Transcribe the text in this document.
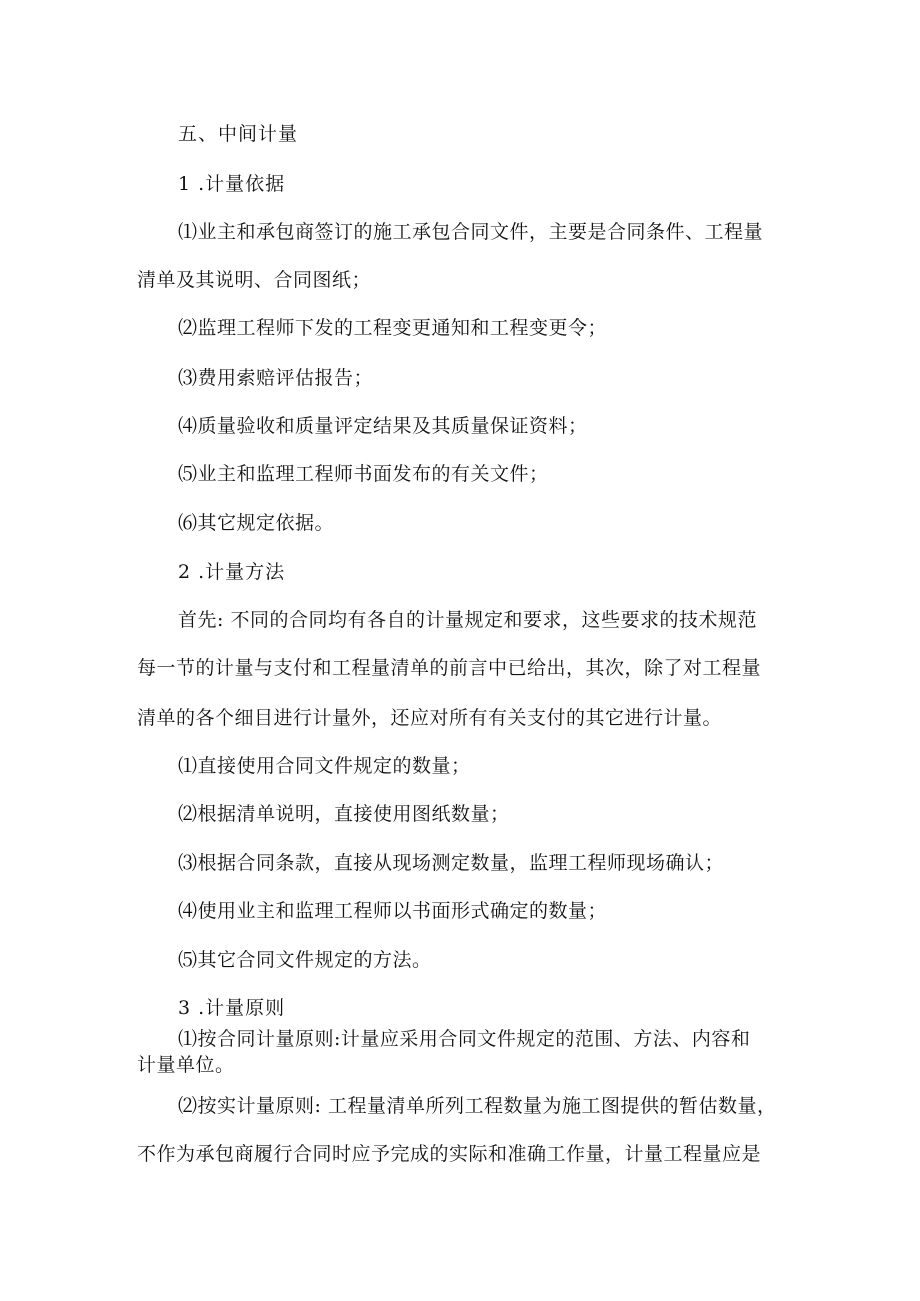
五、中间计量

1 .计量依据

⑴业主和承包商签订的施工承包合同文件，主要是合同条件、工程量

清单及其说明、合同图纸；

⑵监理工程师下发的工程变更通知和工程变更令；

⑶费用索赔评估报告；

⑷质量验收和质量评定结果及其质量保证资料；

⑸业主和监理工程师书面发布的有关文件；

⑹其它规定依据。

2 .计量方法

首先: 不同的合同均有各自的计量规定和要求，这些要求的技术规范

每一节的计量与支付和工程量清单的前言中已给出，其次，除了对工程量

清单的各个细目进行计量外，还应对所有有关支付的其它进行计量。

⑴直接使用合同文件规定的数量；

⑵根据清单说明，直接使用图纸数量；

⑶根据合同条款，直接从现场测定数量，监理工程师现场确认；

⑷使用业主和监理工程师以书面形式确定的数量；

⑸其它合同文件规定的方法。

3 .计量原则

⑴按合同计量原则:计量应采用合同文件规定的范围、方法、内容和

计量单位。

⑵按实计量原则: 工程量清单所列工程数量为施工图提供的暂估数量，

不作为承包商履行合同时应予完成的实际和准确工作量，计量工程量应是
